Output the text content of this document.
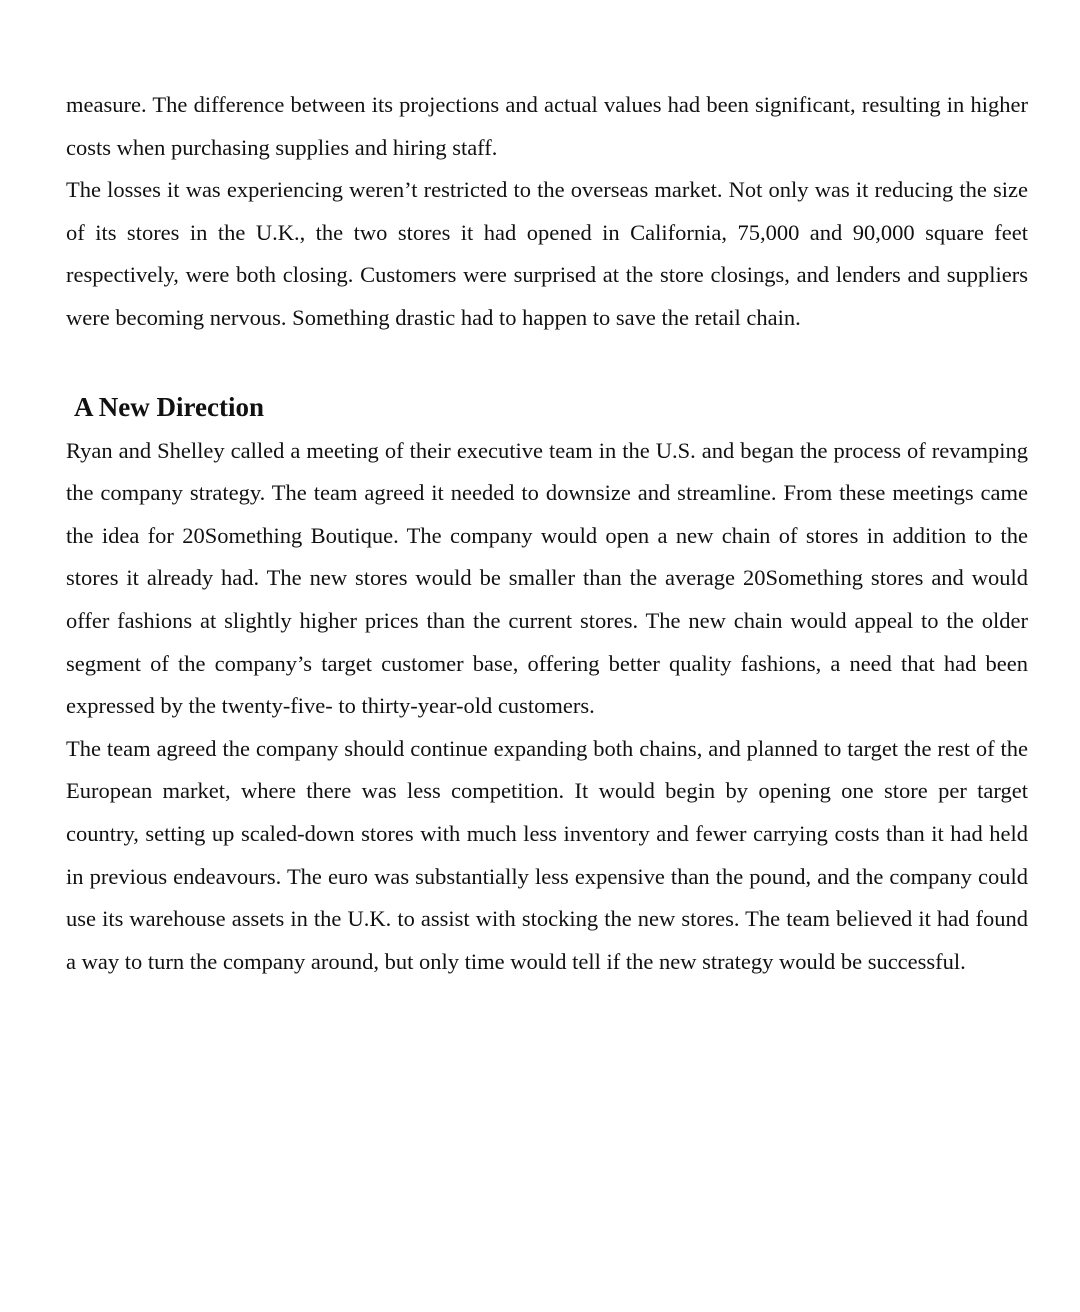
measure. The difference between its projections and actual values had been significant, resulting in higher costs when purchasing supplies and hiring staff.

The losses it was experiencing weren’t restricted to the overseas market. Not only was it reducing the size of its stores in the U.K., the two stores it had opened in California, 75,000 and 90,000 square feet respectively, were both closing. Customers were surprised at the store closings, and lenders and suppliers were becoming nervous. Something drastic had to happen to save the retail chain.

A New Direction

Ryan and Shelley called a meeting of their executive team in the U.S. and began the process of revamping the company strategy. The team agreed it needed to downsize and streamline. From these meetings came the idea for 20Something Boutique. The company would open a new chain of stores in addition to the stores it already had. The new stores would be smaller than the average 20Something stores and would offer fashions at slightly higher prices than the current stores. The new chain would appeal to the older segment of the company’s target customer base, offering better quality fashions, a need that had been expressed by the twenty-five- to thirty-year-old customers.

The team agreed the company should continue expanding both chains, and planned to target the rest of the European market, where there was less competition. It would begin by opening one store per target country, setting up scaled-down stores with much less inventory and fewer carrying costs than it had held in previous endeavours. The euro was substantially less expensive than the pound, and the company could use its warehouse assets in the U.K. to assist with stocking the new stores. The team believed it had found a way to turn the company around, but only time would tell if the new strategy would be successful.
